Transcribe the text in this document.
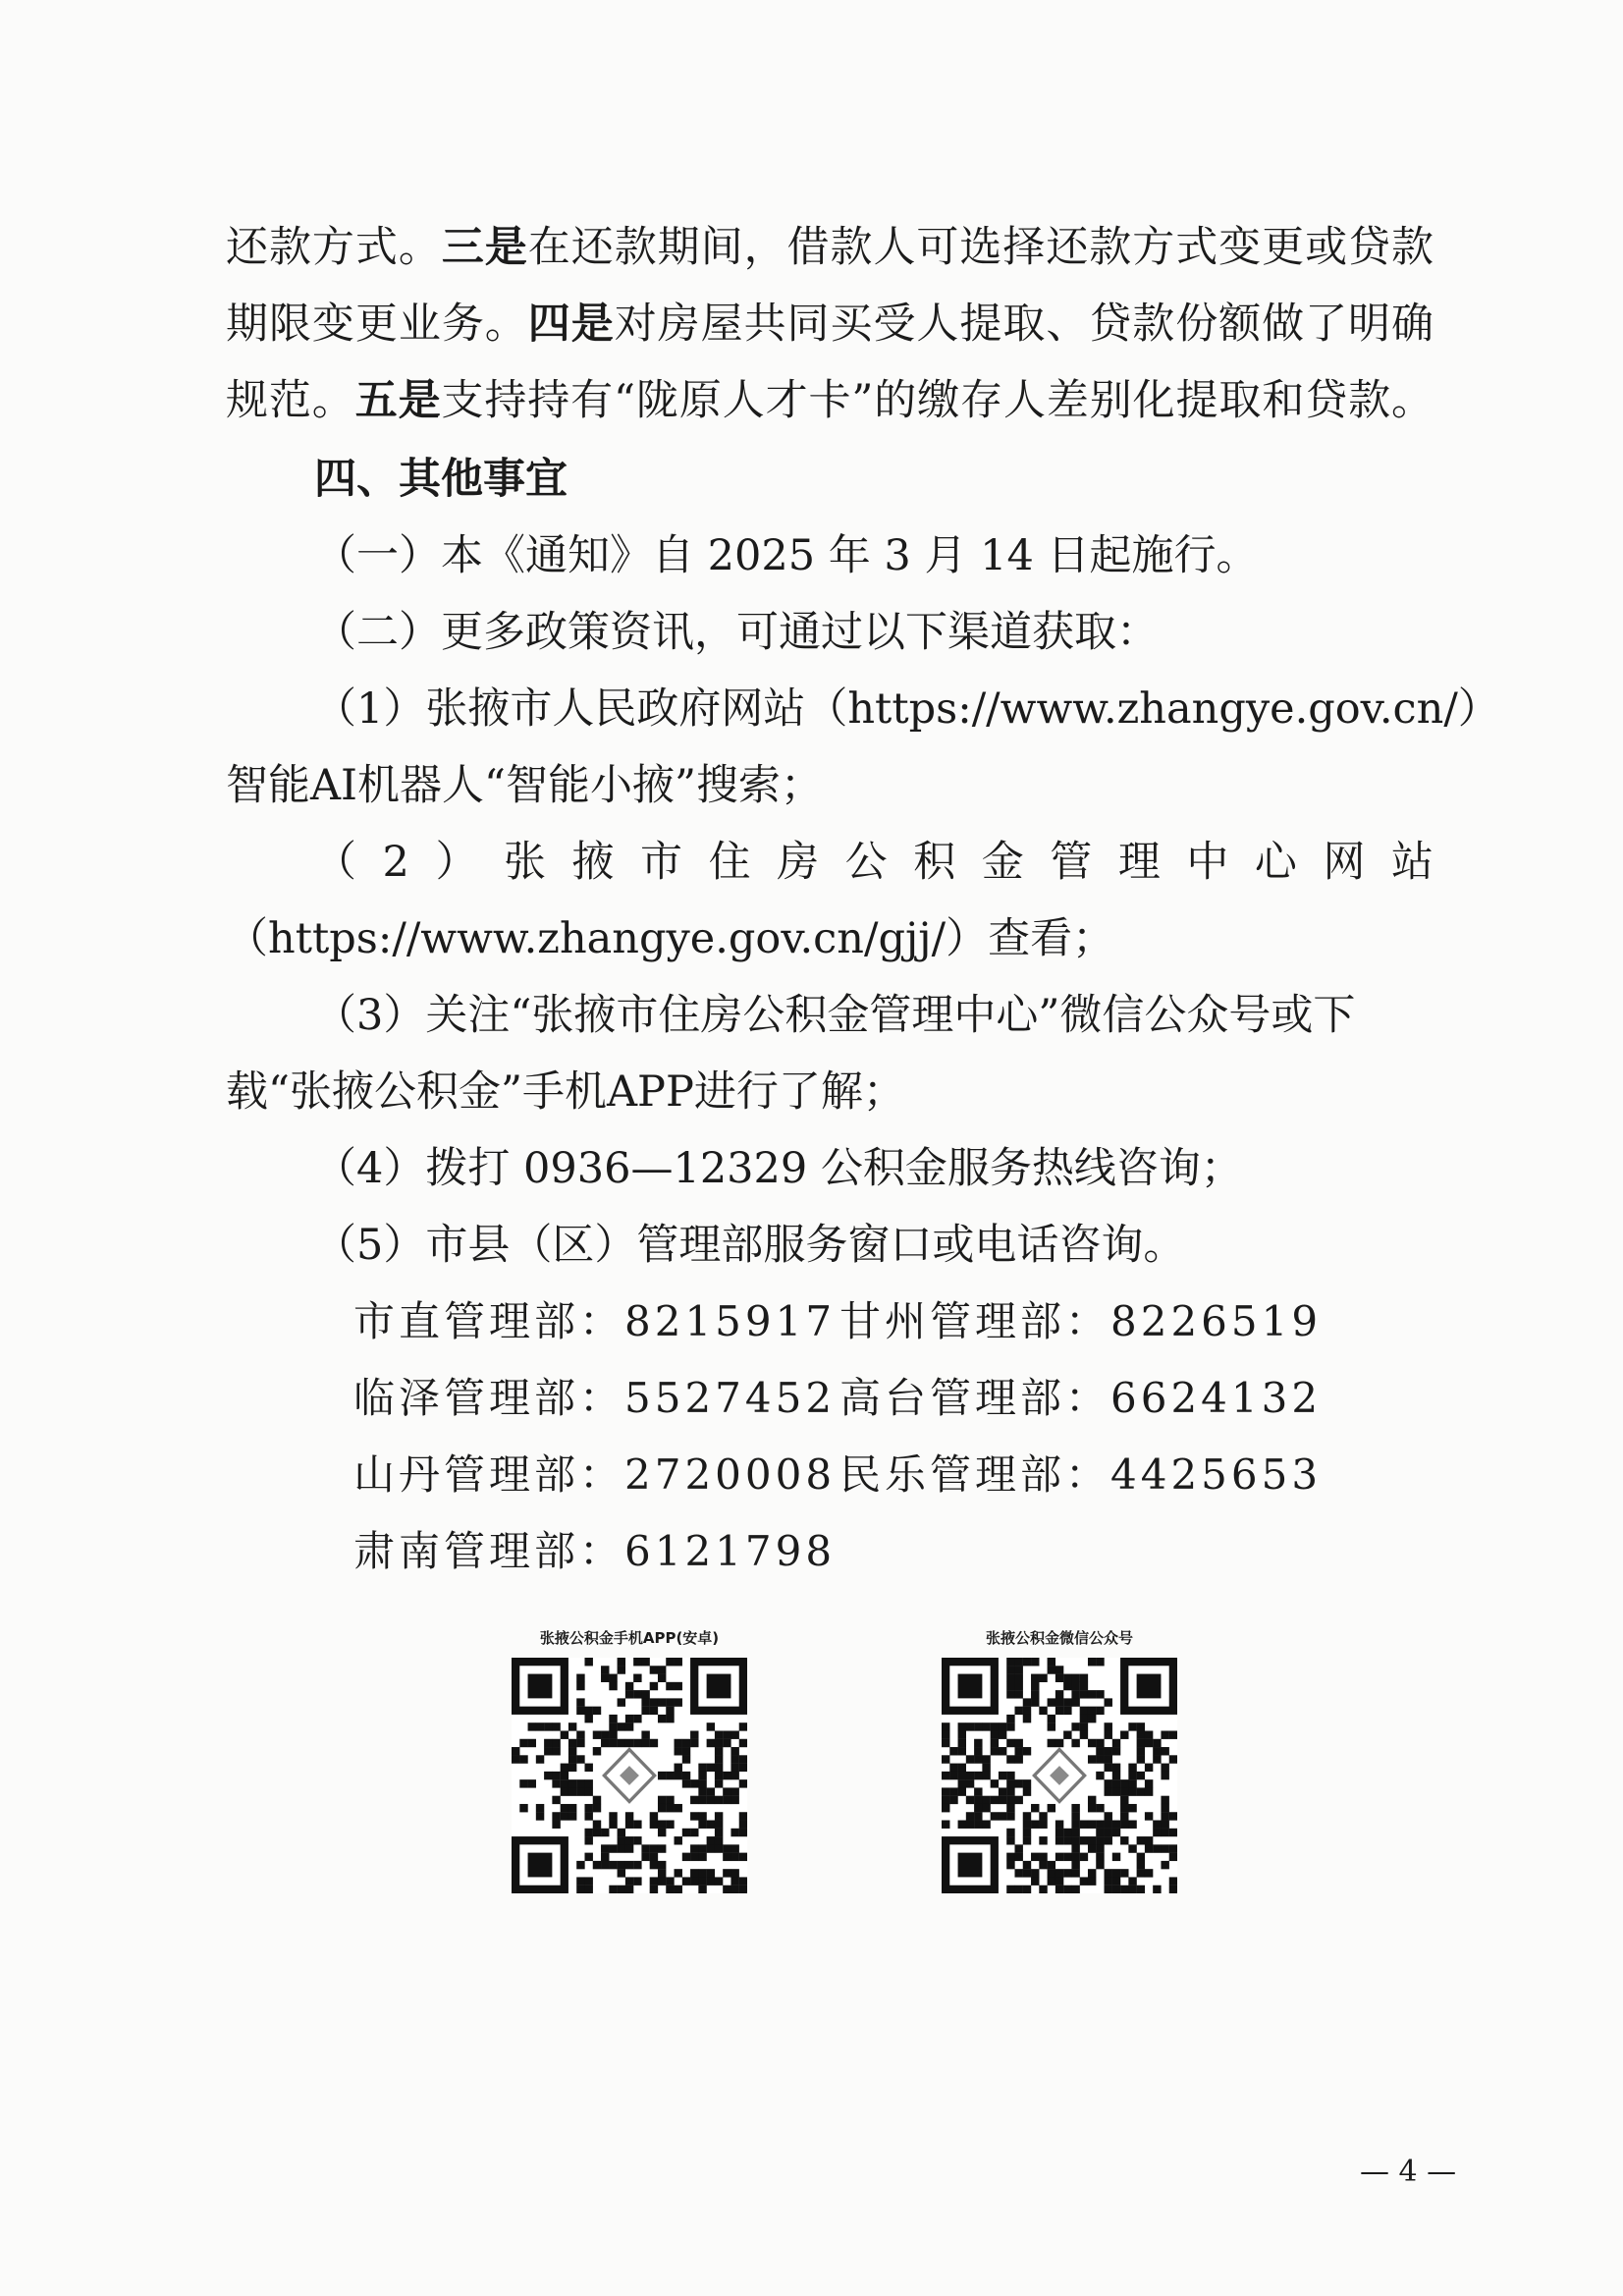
还款方式。三是在还款期间，借款人可选择还款方式变更或贷款
期限变更业务。四是对房屋共同买受人提取、贷款份额做了明确
规范。五是支持持有“陇原人才卡”的缴存人差别化提取和贷款。
四、其他事宜
（一）本《通知》自 2025 年 3 月 14 日起施行。
（二）更多政策资讯，可通过以下渠道获取：
（1）张掖市人民政府网站（https://www.zhangye.gov.cn/）
智能AI机器人“智能小掖”搜索；
（2）张掖市住房公积金管理中心网站
（https://www.zhangye.gov.cn/gjj/）查看；
（3）关注“张掖市住房公积金管理中心”微信公众号或下
载“张掖公积金”手机APP进行了解；
（4）拨打 0936—12329 公积金服务热线咨询；
（5）市县（区）管理部服务窗口或电话咨询。
市直管理部：8215917 甘州管理部：8226519
临泽管理部：5527452 高台管理部：6624132
山丹管理部：2720008 民乐管理部：4425653
肃南管理部：6121798
张掖公积金手机APP(安卓)	张掖公积金微信公众号
— 4 —
